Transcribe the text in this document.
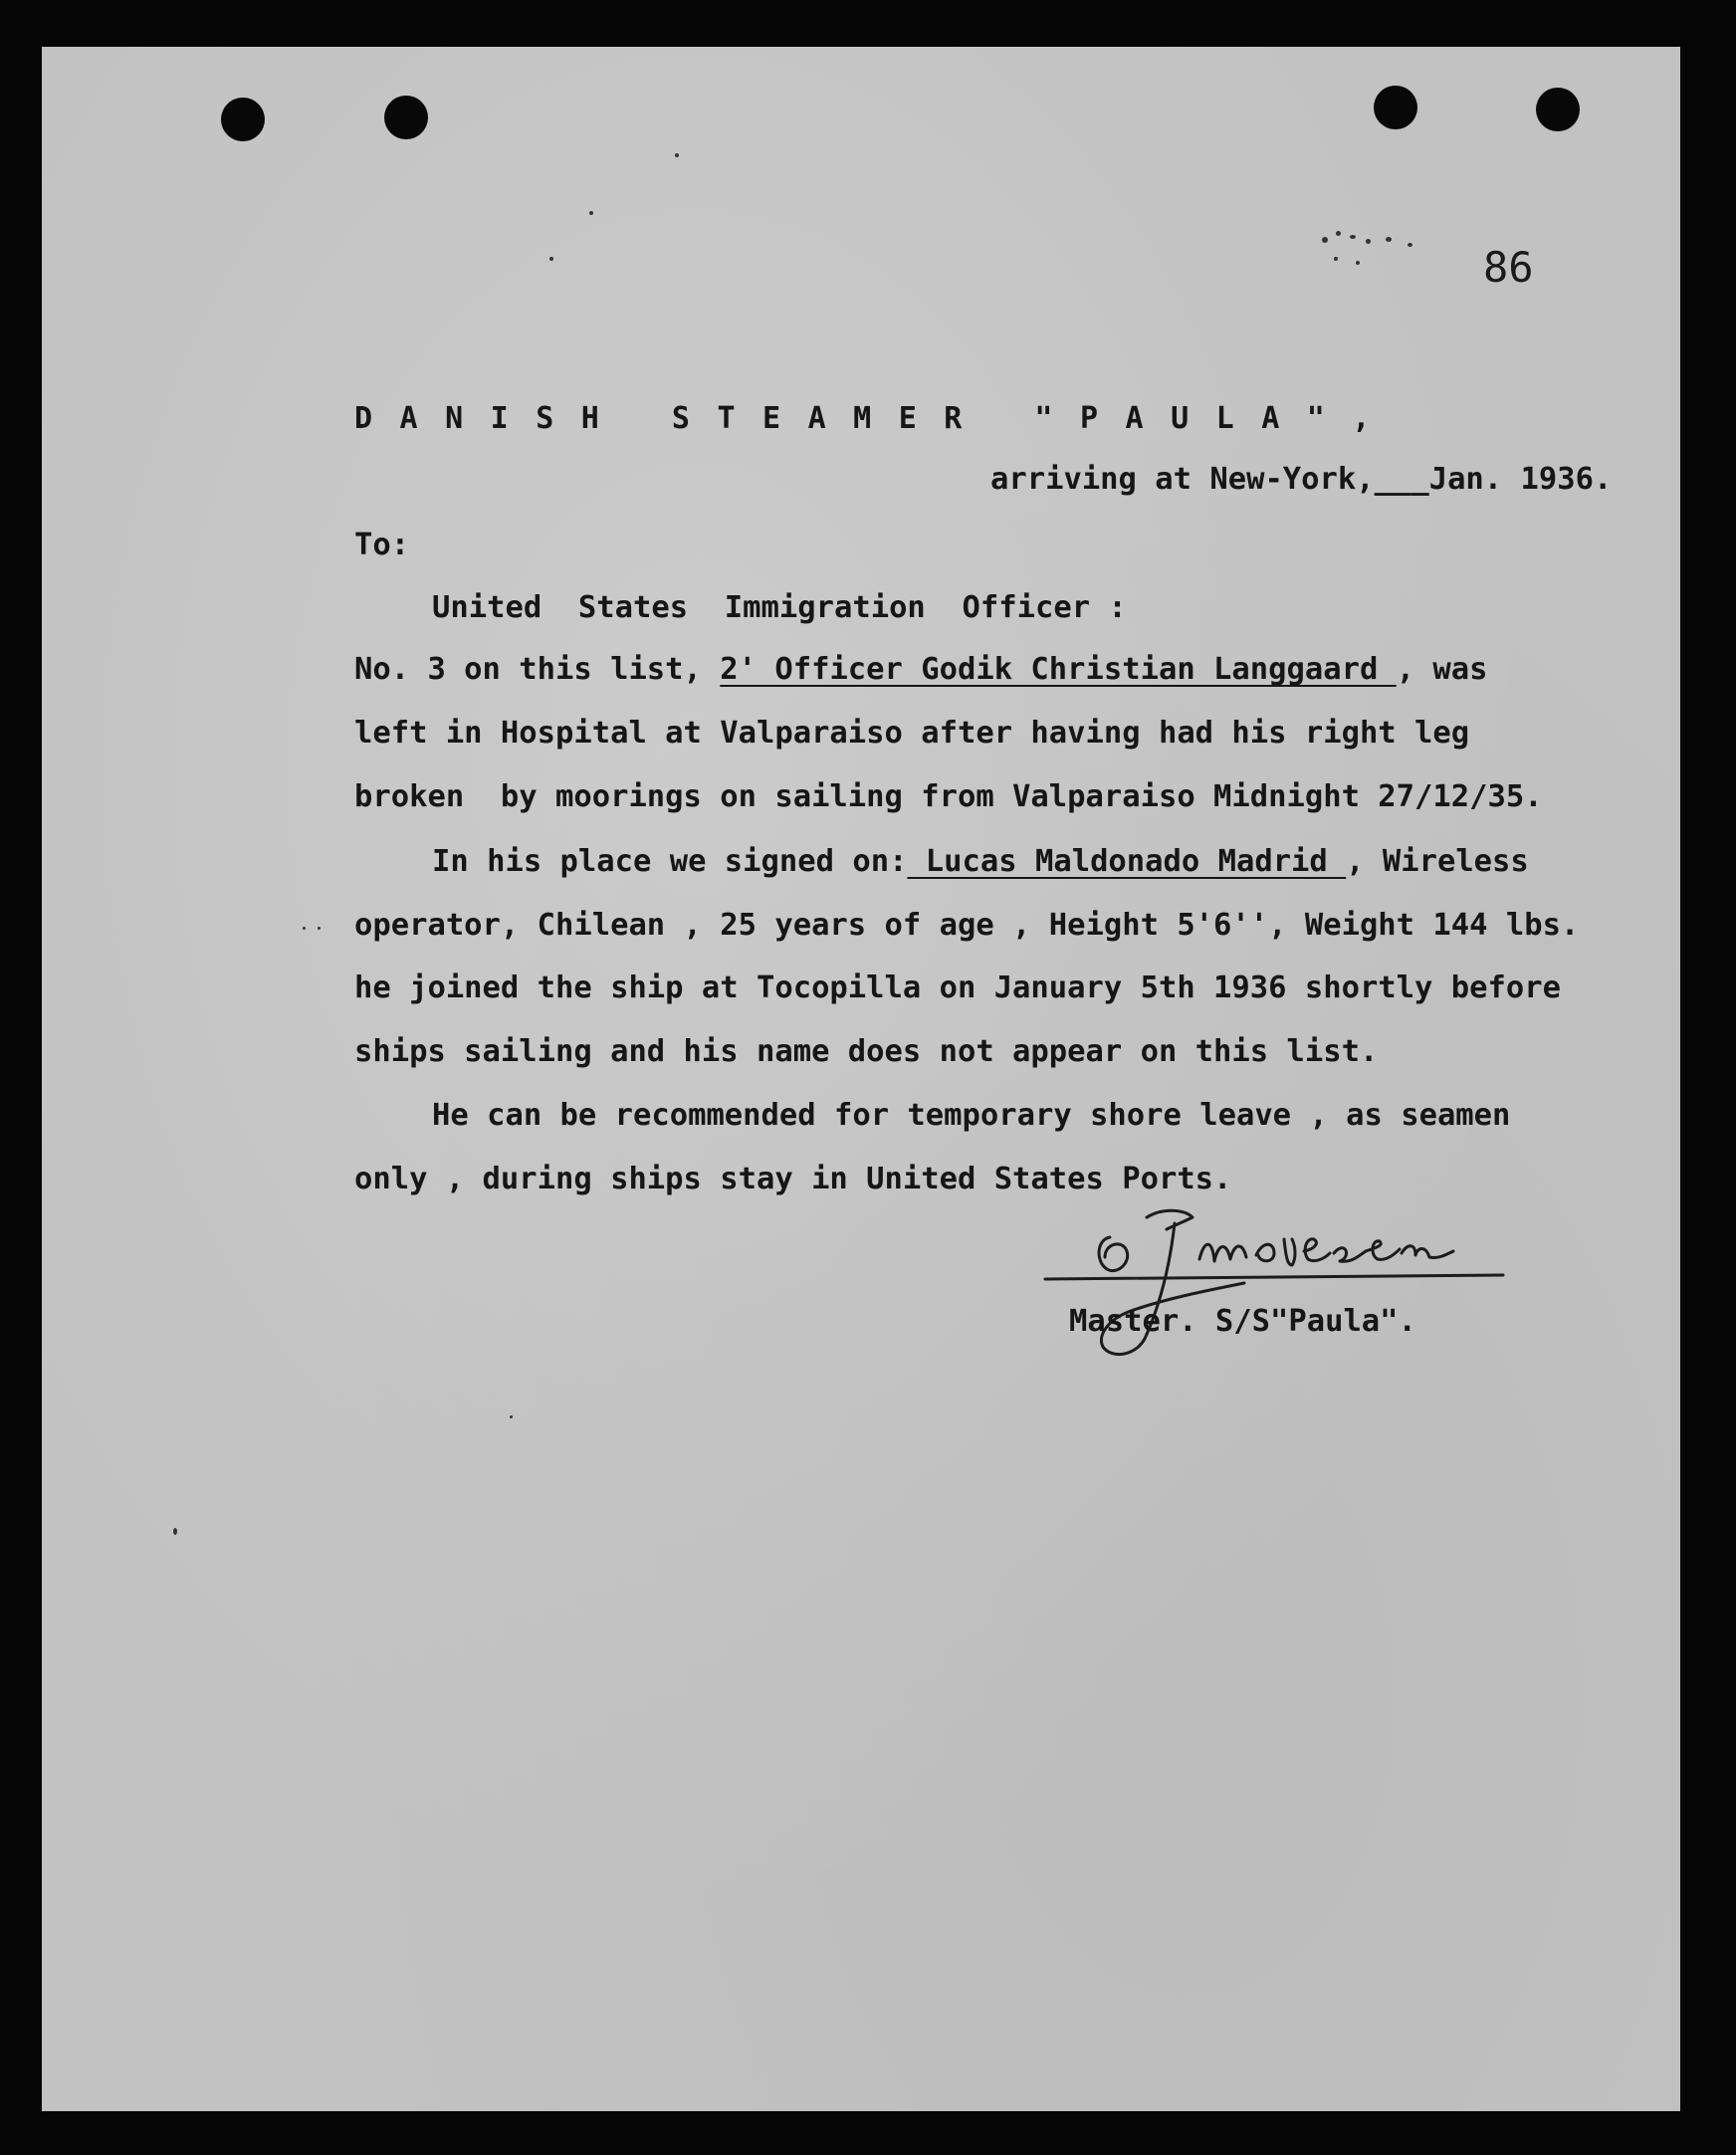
86
DANISH STEAMER "PAULA",
arriving at New-York,___Jan. 1936.
To:
United  States  Immigration  Officer :
No. 3 on this list, 2' Officer Godik Christian Langgaard , was
left in Hospital at Valparaiso after having had his right leg
broken  by moorings on sailing from Valparaiso Midnight 27/12/35.
In his place we signed on: Lucas Maldonado Madrid , Wireless
operator, Chilean , 25 years of age , Height 5'6'', Weight 144 lbs.
he joined the ship at Tocopilla on January 5th 1936 shortly before
ships sailing and his name does not appear on this list.
He can be recommended for temporary shore leave , as seamen
only , during ships stay in United States Ports.
Master. S/S"Paula".
